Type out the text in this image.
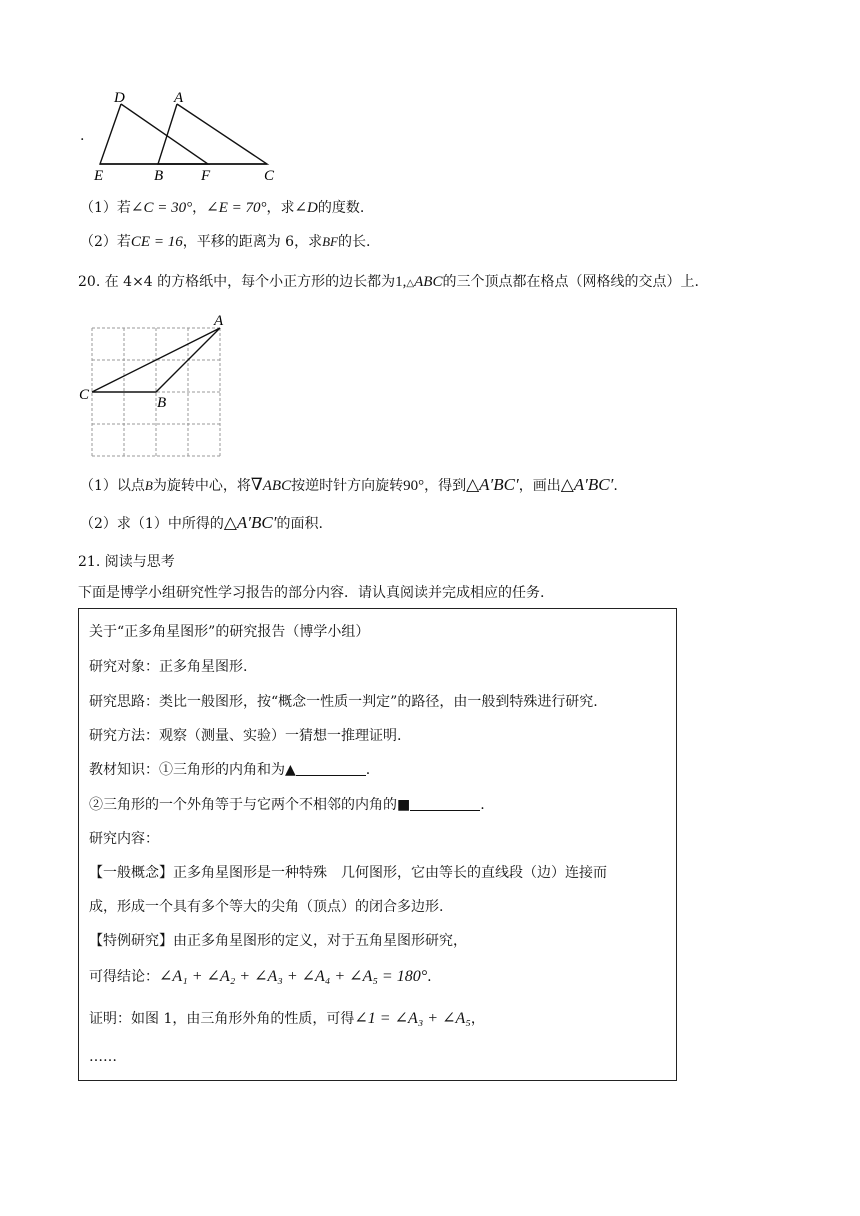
.
D	A
E	B	F	C
（1）若∠C = 30°，∠E = 70°，求∠D的度数.
（2）若CE = 16，平移的距离为 6，求BF的长.
20. 在 4×4 的方格纸中，每个小正方形的边长都为1,△ABC的三个顶点都在格点（网格线的交点）上.
A
C	B
（1）以点B为旋转中心，将∇ABC按逆时针方向旋转90°，得到△A′BC′，画出△A′BC′.
（2）求（1）中所得的△A′BC′的面积.
21. 阅读与思考
下面是博学小组研究性学习报告的部分内容．请认真阅读并完成相应的任务.
关于“正多角星图形”的研究报告（博学小组）
研究对象：正多角星图形.
研究思路：类比一般图形，按“概念一性质一判定”的路径，由一般到特殊进行研究.
研究方法：观察（测量、实验）一猜想一推理证明.
教材知识：①三角形的内角和为▲	.
②三角形的一个外角等于与它两个不相邻的内角的■	.
研究内容：
【一般概念】正多角星图形是一种特殊　几何图形，它由等长的直线段（边）连接而
成，形成一个具有多个等大的尖角（顶点）的闭合多边形.
【特例研究】由正多角星图形的定义，对于五角星图形研究，
可得结论：∠A₁ + ∠A₂ + ∠A₃ + ∠A₄ + ∠A₅ = 180°.
证明：如图 1，由三角形外角的性质，可得∠1 = ∠A₃ + ∠A₅，
……
